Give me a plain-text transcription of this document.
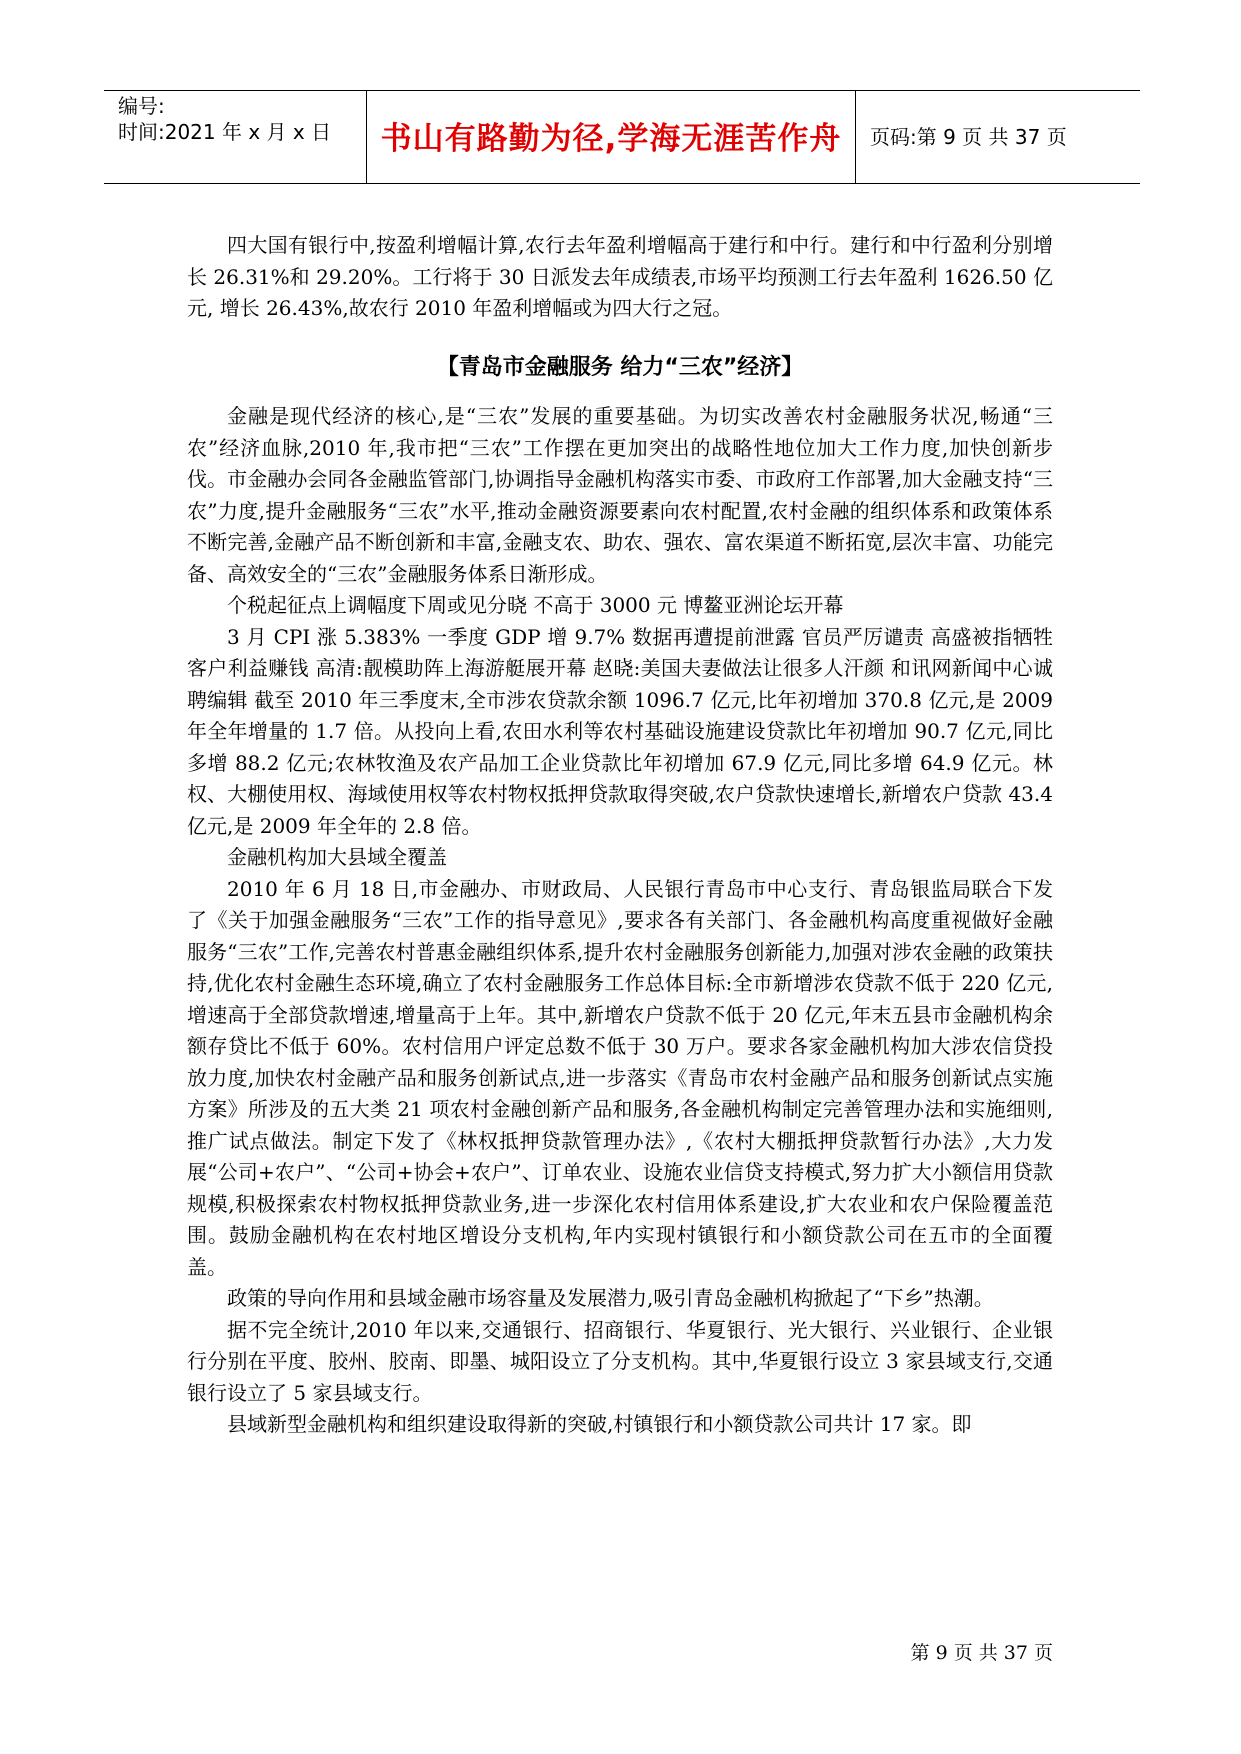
编号:
时间:2021 年 x 月 x 日	书山有路勤为径,学海无涯苦作舟	页码:第 9 页 共 37 页

四大国有银行中,按盈利增幅计算,农行去年盈利增幅高于建行和中行。建行和中行盈利分别增长 26.31%和 29.20%。工行将于 30 日派发去年成绩表,市场平均预测工行去年盈利 1626.50 亿元, 增长 26.43%,故农行 2010 年盈利增幅或为四大行之冠。

【青岛市金融服务 给力“三农”经济】

金融是现代经济的核心,是“三农”发展的重要基础。为切实改善农村金融服务状况,畅通“三农”经济血脉,2010 年,我市把“三农”工作摆在更加突出的战略性地位加大工作力度,加快创新步伐。市金融办会同各金融监管部门,协调指导金融机构落实市委、市政府工作部署,加大金融支持“三农”力度,提升金融服务“三农”水平,推动金融资源要素向农村配置,农村金融的组织体系和政策体系不断完善,金融产品不断创新和丰富,金融支农、助农、强农、富农渠道不断拓宽,层次丰富、功能完备、高效安全的“三农”金融服务体系日渐形成。

个税起征点上调幅度下周或见分晓 不高于 3000 元 博鳌亚洲论坛开幕

3 月 CPI 涨 5.383% 一季度 GDP 增 9.7% 数据再遭提前泄露 官员严厉谴责 高盛被指牺牲客户利益赚钱 高清:靓模助阵上海游艇展开幕 赵晓:美国夫妻做法让很多人汗颜 和讯网新闻中心诚聘编辑 截至 2010 年三季度末,全市涉农贷款余额 1096.7 亿元,比年初增加 370.8 亿元,是 2009 年全年增量的 1.7 倍。从投向上看,农田水利等农村基础设施建设贷款比年初增加 90.7 亿元,同比多增 88.2 亿元;农林牧渔及农产品加工企业贷款比年初增加 67.9 亿元,同比多增 64.9 亿元。林权、大棚使用权、海域使用权等农村物权抵押贷款取得突破,农户贷款快速增长,新增农户贷款 43.4 亿元,是 2009 年全年的 2.8 倍。

金融机构加大县域全覆盖

2010 年 6 月 18 日,市金融办、市财政局、人民银行青岛市中心支行、青岛银监局联合下发了《关于加强金融服务“三农”工作的指导意见》,要求各有关部门、各金融机构高度重视做好金融服务“三农”工作,完善农村普惠金融组织体系,提升农村金融服务创新能力,加强对涉农金融的政策扶持,优化农村金融生态环境,确立了农村金融服务工作总体目标:全市新增涉农贷款不低于 220 亿元,增速高于全部贷款增速,增量高于上年。其中,新增农户贷款不低于 20 亿元,年末五县市金融机构余额存贷比不低于 60%。农村信用户评定总数不低于 30 万户。要求各家金融机构加大涉农信贷投放力度,加快农村金融产品和服务创新试点,进一步落实《青岛市农村金融产品和服务创新试点实施方案》所涉及的五大类 21 项农村金融创新产品和服务,各金融机构制定完善管理办法和实施细则,推广试点做法。制定下发了《林权抵押贷款管理办法》,《农村大棚抵押贷款暂行办法》,大力发展“公司+农户”、“公司+协会+农户”、订单农业、设施农业信贷支持模式,努力扩大小额信用贷款规模,积极探索农村物权抵押贷款业务,进一步深化农村信用体系建设,扩大农业和农户保险覆盖范围。鼓励金融机构在农村地区增设分支机构,年内实现村镇银行和小额贷款公司在五市的全面覆盖。

政策的导向作用和县域金融市场容量及发展潜力,吸引青岛金融机构掀起了“下乡”热潮。

据不完全统计,2010 年以来,交通银行、招商银行、华夏银行、光大银行、兴业银行、企业银行分别在平度、胶州、胶南、即墨、城阳设立了分支机构。其中,华夏银行设立 3 家县域支行,交通银行设立了 5 家县域支行。

县域新型金融机构和组织建设取得新的突破,村镇银行和小额贷款公司共计 17 家。即

第 9 页 共 37 页
